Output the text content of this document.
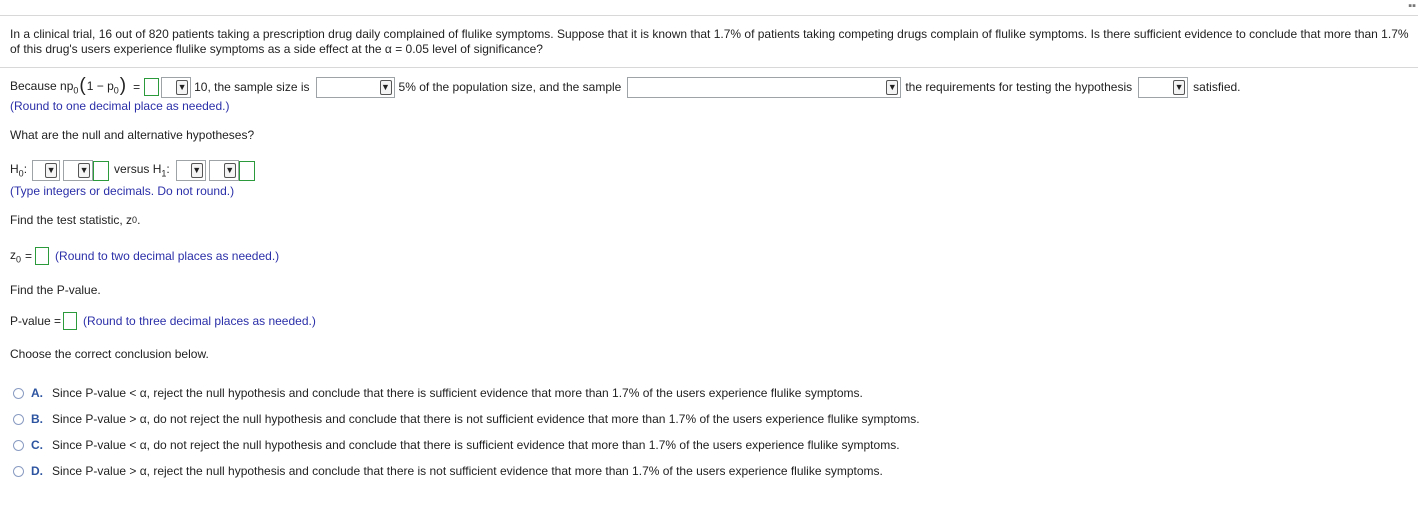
▪▪
In a clinical trial, 16 out of 820 patients taking a prescription drug daily complained of flulike symptoms. Suppose that it is known that 1.7% of patients taking competing drugs complain of flulike symptoms. Is there sufficient evidence to conclude that more than 1.7% of this drug's users experience flulike symptoms as a side effect at the α = 0.05 level of significance?
Because $np_0$ ( $1 - p_0$ ) =	▼ 10, the sample size is	▼ 5% of the population size, and the sample	▼ the requirements for testing the hypothesis	▼ satisfied.
(Round to one decimal place as needed.)
What are the null and alternative hypotheses?
$H_0$: ▼	▼ versus $H_1$:	▼	▼
(Type integers or decimals. Do not round.)
Find the test statistic, z 0 .
$z_0$ = (Round to two decimal places as needed.)
Find the P-value.
P-value = (Round to three decimal places as needed.)
Choose the correct conclusion below.
A. Since P-value < α, reject the null hypothesis and conclude that there is sufficient evidence that more than 1.7% of the users experience flulike symptoms.
B. Since P-value > α, do not reject the null hypothesis and conclude that there is not sufficient evidence that more than 1.7% of the users experience flulike symptoms.
C. Since P-value < α, do not reject the null hypothesis and conclude that there is sufficient evidence that more than 1.7% of the users experience flulike symptoms.
D. Since P-value > α, reject the null hypothesis and conclude that there is not sufficient evidence that more than 1.7% of the users experience flulike symptoms.
